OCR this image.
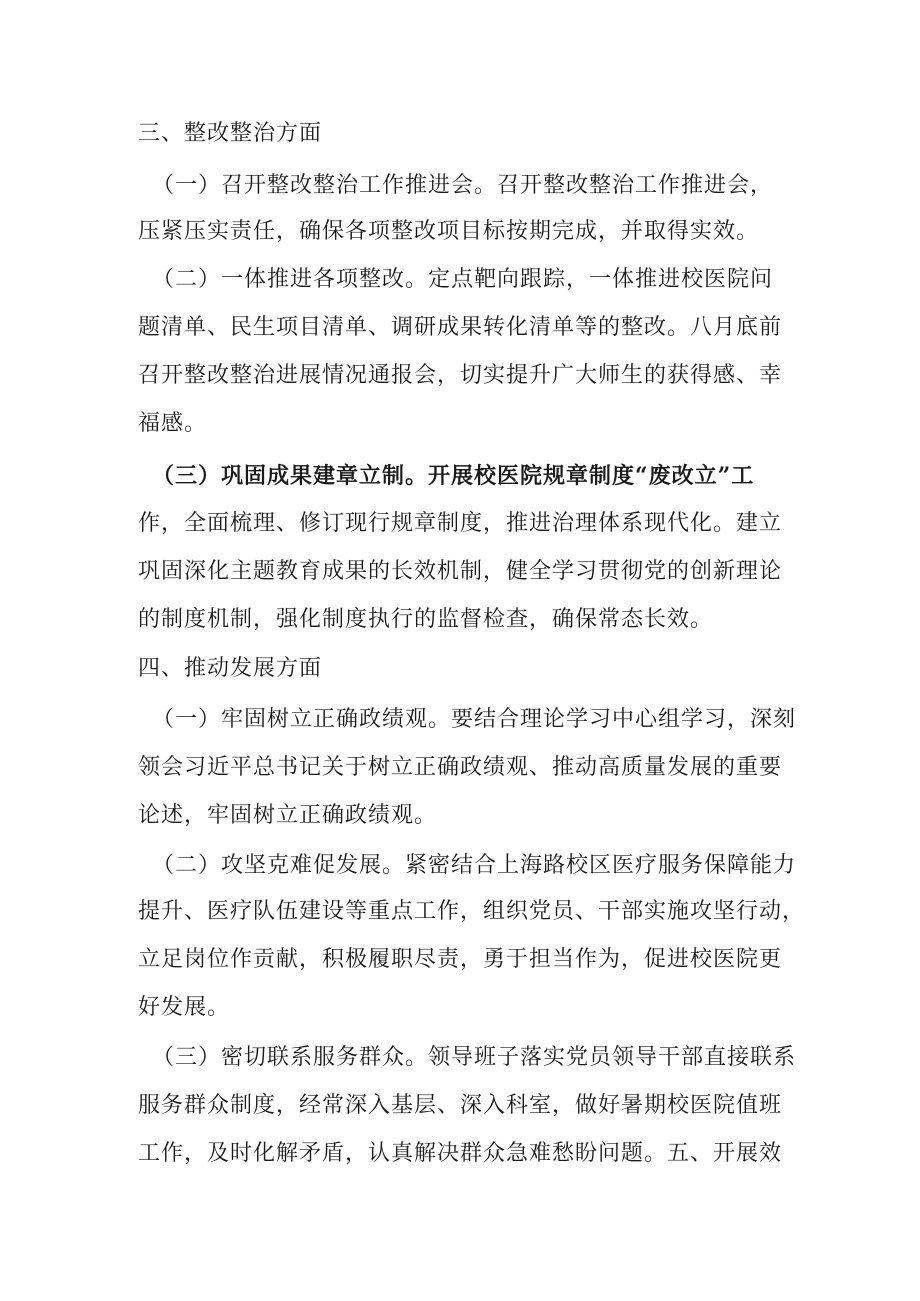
三、整改整治方面
（一）召开整改整治工作推进会。召开整改整治工作推进会，
压紧压实责任，确保各项整改项目标按期完成，并取得实效。
（二）一体推进各项整改。定点靶向跟踪，一体推进校医院问
题清单、民生项目清单、调研成果转化清单等的整改。八月底前
召开整改整治进展情况通报会，切实提升广大师生的获得感、幸
福感。
（三）巩固成果建章立制。开展校医院规章制度“废改立”工
作，全面梳理、修订现行规章制度，推进治理体系现代化。建立
巩固深化主题教育成果的长效机制，健全学习贯彻党的创新理论
的制度机制，强化制度执行的监督检查，确保常态长效。
四、推动发展方面
（一）牢固树立正确政绩观。要结合理论学习中心组学习，深刻
领会习近平总书记关于树立正确政绩观、推动高质量发展的重要
论述，牢固树立正确政绩观。
（二）攻坚克难促发展。紧密结合上海路校区医疗服务保障能力
提升、医疗队伍建设等重点工作，组织党员、干部实施攻坚行动，
立足岗位作贡献，积极履职尽责，勇于担当作为，促进校医院更
好发展。
（三）密切联系服务群众。领导班子落实党员领导干部直接联系
服务群众制度，经常深入基层、深入科室，做好暑期校医院值班
工作，及时化解矛盾，认真解决群众急难愁盼问题。五、开展效
